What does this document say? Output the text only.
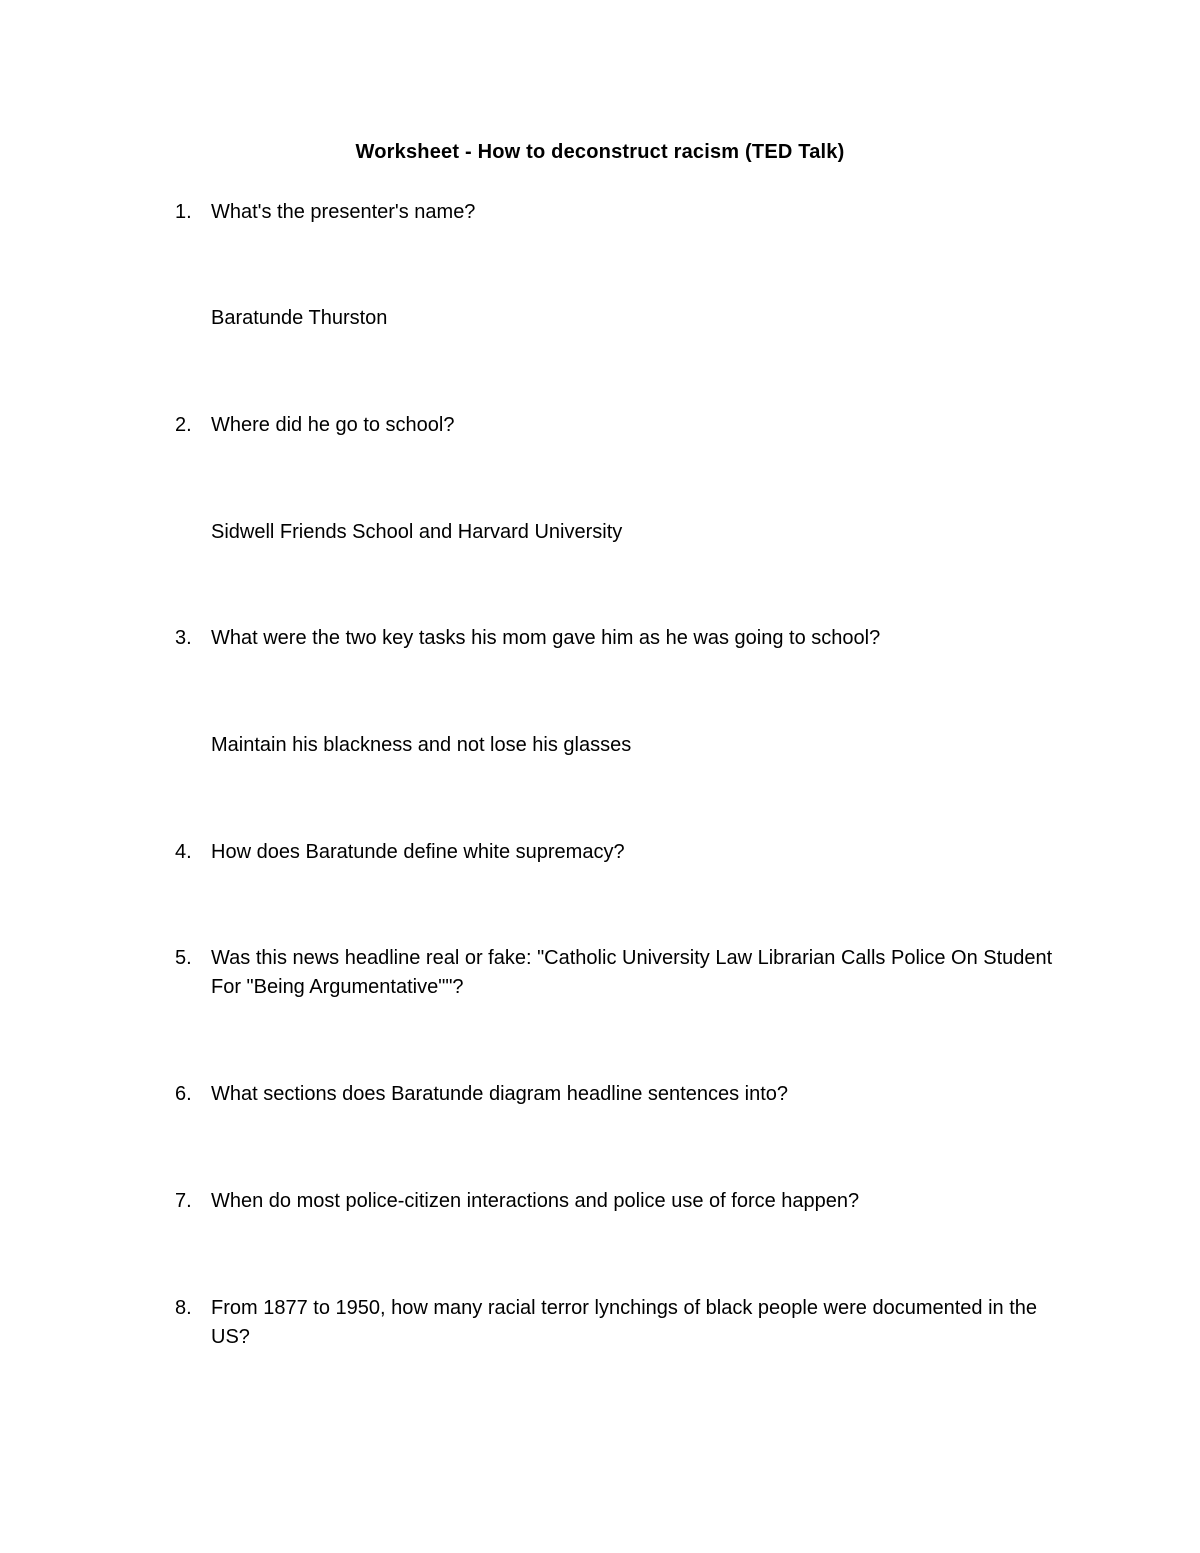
Worksheet - How to deconstruct racism (TED Talk)
1. What's the presenter's name?
Baratunde Thurston
2. Where did he go to school?
Sidwell Friends School and Harvard University
3. What were the two key tasks his mom gave him as he was going to school?
Maintain his blackness and not lose his glasses
4. How does Baratunde define white supremacy?
5. Was this news headline real or fake: "Catholic University Law Librarian Calls Police On Student For "Being Argumentative""?
6. What sections does Baratunde diagram headline sentences into?
7. When do most police-citizen interactions and police use of force happen?
8. From 1877 to 1950, how many racial terror lynchings of black people were documented in the US?
